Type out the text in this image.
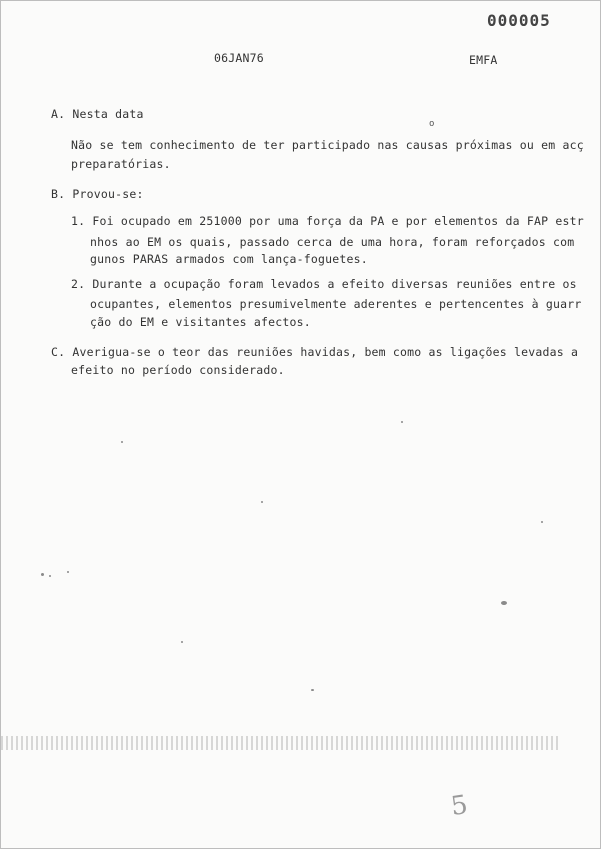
000005
06JAN76	EMFA
A. Nesta data
o
Não se tem conhecimento de ter participado nas causas próximas ou em acç
preparatórias.
B. Provou-se:
1. Foi ocupado em 251000 por uma força da PA e por elementos da FAP estr
nhos ao EM os quais, passado cerca de uma hora, foram reforçados com
gunos PARAS armados com lança-foguetes.
2. Durante a ocupação foram levados a efeito diversas reuniões entre os
ocupantes, elementos presumivelmente aderentes e pertencentes à guarr
ção do EM e visitantes afectos.
C. Averigua-se o teor das reuniões havidas, bem como as ligações levadas a
efeito no período considerado.
5
